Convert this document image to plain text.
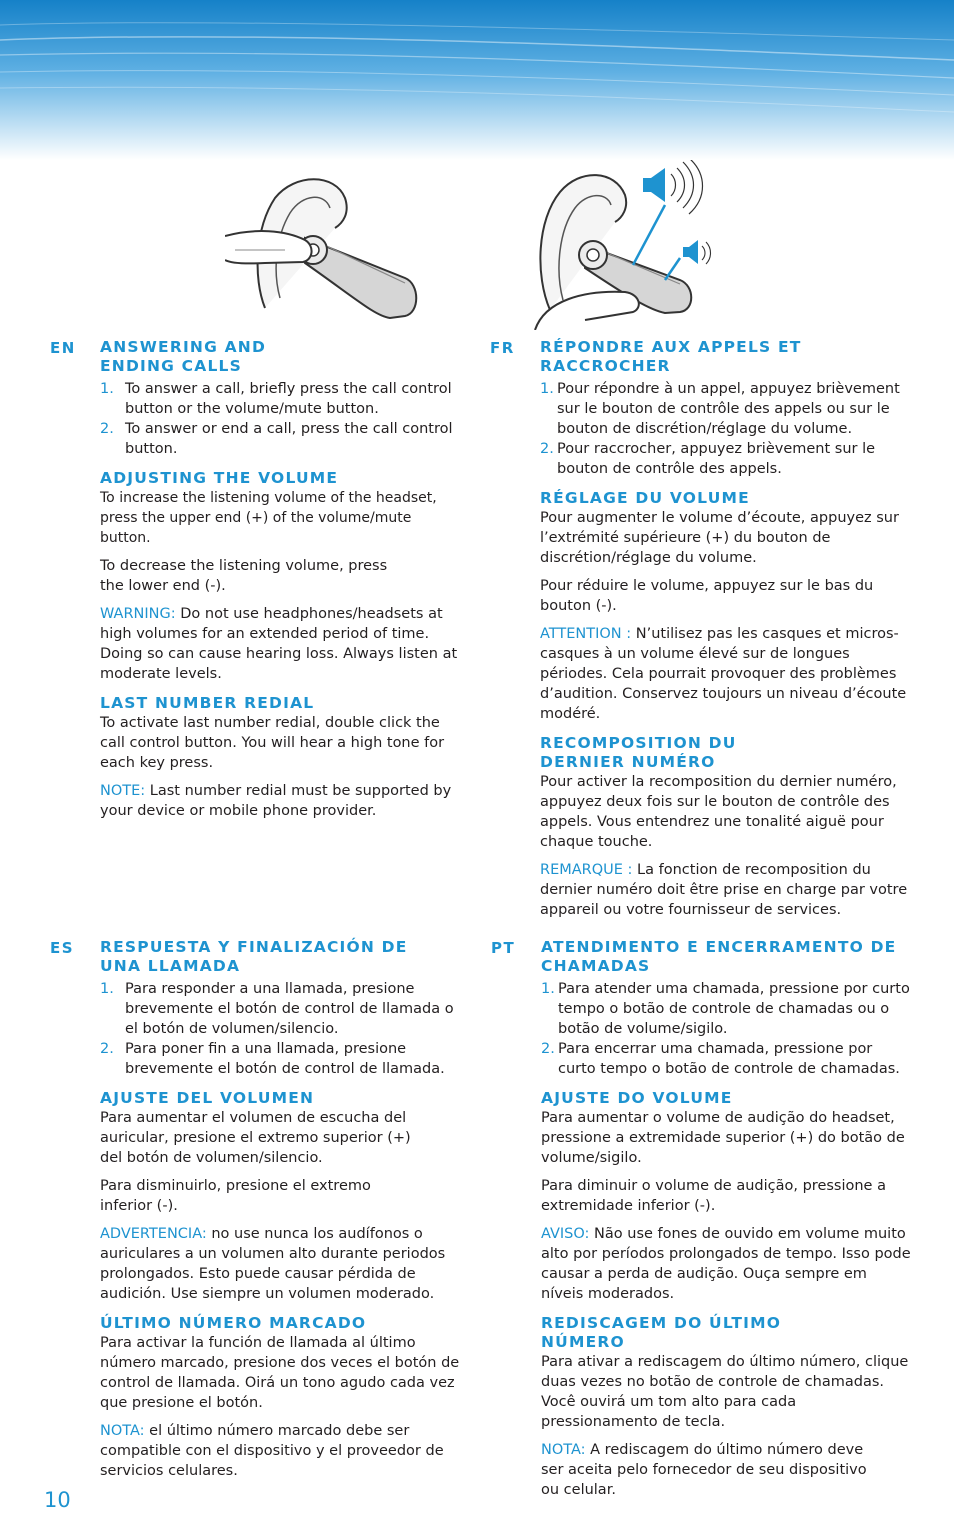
EN ANSWERING AND ENDING CALLS
1. To answer a call, briefly press the call control button or the volume/mute button.
2. To answer or end a call, press the call control button.
ADJUSTING THE VOLUME

To increase the listening volume of the headset, press the upper end (+) of the volume/mute button.

To decrease the listening volume, press the lower end (-).

WARNING: Do not use headphones/headsets at high volumes for an extended period of time. Doing so can cause hearing loss. Always listen at moderate levels.

LAST NUMBER REDIAL

To activate last number redial, double click the call control button. You will hear a high tone for each key press.

NOTE: Last number redial must be supported by your device or mobile phone provider.

FR RÉPONDRE AUX APPELS ET RACCROCHER
1. Pour répondre à un appel, appuyez brièvement sur le bouton de contrôle des appels ou sur le bouton de discrétion/réglage du volume.
2. Pour raccrocher, appuyez brièvement sur le bouton de contrôle des appels.
RÉGLAGE DU VOLUME

Pour augmenter le volume d’écoute, appuyez sur l’extrémité supérieure (+) du bouton de discrétion/réglage du volume.

Pour réduire le volume, appuyez sur le bas du bouton (-).

ATTENTION : N’utilisez pas les casques et micros-casques à un volume élevé sur de longues périodes. Cela pourrait provoquer des problèmes d’audition. Conservez toujours un niveau d’écoute modéré.

RECOMPOSITION DU DERNIER NUMÉRO

Pour activer la recomposition du dernier numéro, appuyez deux fois sur le bouton de contrôle des appels. Vous entendrez une tonalité aiguë pour chaque touche.

REMARQUE : La fonction de recomposition du dernier numéro doit être prise en charge par votre appareil ou votre fournisseur de services.

ES RESPUESTA Y FINALIZACIÓN DE UNA LLAMADA
1. Para responder a una llamada, presione brevemente el botón de control de llamada o el botón de volumen/silencio.
2. Para poner fin a una llamada, presione brevemente el botón de control de llamada.
AJUSTE DEL VOLUMEN

Para aumentar el volumen de escucha del auricular, presione el extremo superior (+) del botón de volumen/silencio.

Para disminuirlo, presione el extremo inferior (-).

ADVERTENCIA: no use nunca los audífonos o auriculares a un volumen alto durante periodos prolongados. Esto puede causar pérdida de audición. Use siempre un volumen moderado.

ÚLTIMO NÚMERO MARCADO

Para activar la función de llamada al último número marcado, presione dos veces el botón de control de llamada. Oirá un tono agudo cada vez que presione el botón.

NOTA: el último número marcado debe ser compatible con el dispositivo y el proveedor de servicios celulares.

PT ATENDIMENTO E ENCERRAMENTO DE CHAMADAS
1. Para atender uma chamada, pressione por curto tempo o botão de controle de chamadas ou o botão de volume/sigilo.
2. Para encerrar uma chamada, pressione por curto tempo o botão de controle de chamadas.
AJUSTE DO VOLUME

Para aumentar o volume de audição do headset, pressione a extremidade superior (+) do botão de volume/sigilo.

Para diminuir o volume de audição, pressione a extremidade inferior (-).

AVISO: Não use fones de ouvido em volume muito alto por períodos prolongados de tempo. Isso pode causar a perda de audição. Ouça sempre em níveis moderados.

REDISCAGEM DO ÚLTIMO NÚMERO

Para ativar a rediscagem do último número, clique duas vezes no botão de controle de chamadas. Você ouvirá um tom alto para cada pressionamento de tecla.

NOTA: A rediscagem do último número deve ser aceita pelo fornecedor de seu dispositivo ou celular.

10
